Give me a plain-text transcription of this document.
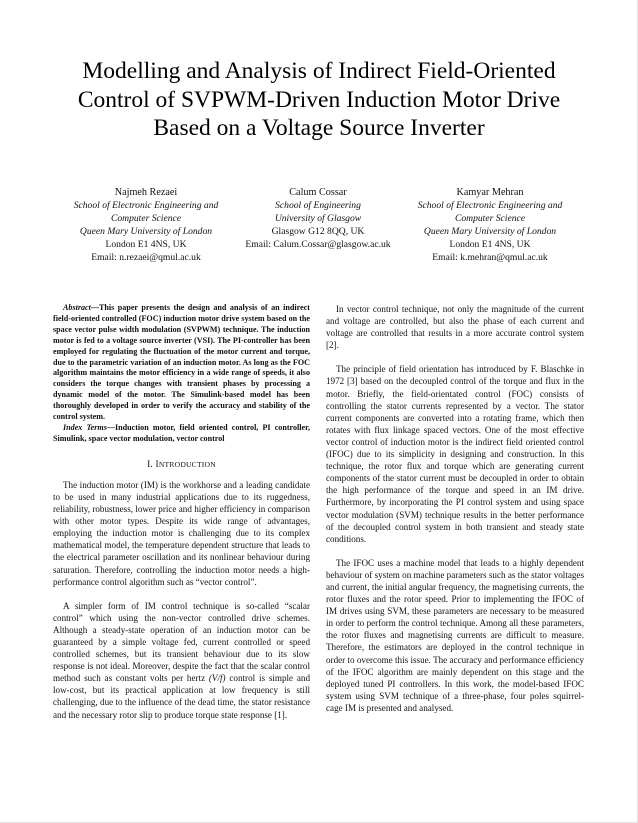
Modelling and Analysis of Indirect Field-Oriented
Control of SVPWM-Driven Induction Motor Drive
Based on a Voltage Source Inverter
Najmeh Rezaei
School of Electronic Engineering and
Computer Science
Queen Mary University of London
London E1 4NS, UK
Email: n.rezaei@qmul.ac.uk
Calum Cossar
School of Engineering
University of Glasgow
Glasgow G12 8QQ, UK
Email: Calum.Cossar@glasgow.ac.uk
Kamyar Mehran
School of Electronic Engineering and
Computer Science
Queen Mary University of London
London E1 4NS, UK
Email: k.mehran@qmul.ac.uk

Abstract—This paper presents the design and analysis of an indirect field-oriented controlled (FOC) induction motor drive system based on the space vector pulse width modulation (SVPWM) technique. The induction motor is fed to a voltage source inverter (VSI). The PI-controller has been employed for regulating the fluctuation of the motor current and torque, due to the parametric variation of an induction motor. As long as the FOC algorithm maintains the motor efficiency in a wide range of speeds, it also considers the torque changes with transient phases by processing a dynamic model of the motor. The Simulink-based model has been thoroughly developed in order to verify the accuracy and stability of the control system.

Index Terms—Induction motor, field oriented control, PI controller, Simulink, space vector modulation, vector control

I. INTRODUCTION

The induction motor (IM) is the workhorse and a leading candidate to be used in many industrial applications due to its ruggedness, reliability, robustness, lower price and higher efficiency in comparison with other motor types. Despite its wide range of advantages, employing the induction motor is challenging due to its complex mathematical model, the temperature dependent structure that leads to the electrical parameter oscillation and its nonlinear behaviour during saturation. Therefore, controlling the induction motor needs a high-performance control algorithm such as “vector control”.

A simpler form of IM control technique is so-called “scalar control” which using the non-vector controlled drive schemes. Although a steady-state operation of an induction motor can be guaranteed by a simple voltage fed, current controlled or speed controlled schemes, but its transient behaviour due to its slow response is not ideal. Moreover, despite the fact that the scalar control method such as constant volts per hertz (V/f) control is simple and low-cost, but its practical application at low frequency is still challenging, due to the influence of the dead time, the stator resistance and the necessary rotor slip to produce torque state response [1].

In vector control technique, not only the magnitude of the current and voltage are controlled, but also the phase of each current and voltage are controlled that results in a more accurate control system [2].

The principle of field orientation has introduced by F. Blaschke in 1972 [3] based on the decoupled control of the torque and flux in the motor. Briefly, the field-orientated control (FOC) consists of controlling the stator currents represented by a vector. The stator current components are converted into a rotating frame, which then rotates with flux linkage spaced vectors. One of the most effective vector control of induction motor is the indirect field oriented control (IFOC) due to its simplicity in designing and construction. In this technique, the rotor flux and torque which are generating current components of the stator current must be decoupled in order to obtain the high performance of the torque and speed in an IM drive. Furthermore, by incorporating the PI control system and using space vector modulation (SVM) technique results in the better performance of the decoupled control system in both transient and steady state conditions.

The IFOC uses a machine model that leads to a highly dependent behaviour of system on machine parameters such as the stator voltages and current, the initial angular frequency, the magnetising currents, the rotor fluxes and the rotor speed. Prior to implementing the IFOC of IM drives using SVM, these parameters are necessary to be measured in order to perform the control technique. Among all these parameters, the rotor fluxes and magnetising currents are difficult to measure. Therefore, the estimators are deployed in the control technique in order to overcome this issue. The accuracy and performance efficiency of the IFOC algorithm are mainly dependent on this stage and the deployed tuned PI controllers. In this work, the model-based IFOC system using SVM technique of a three-phase, four poles squirrel-cage IM is presented and analysed.
